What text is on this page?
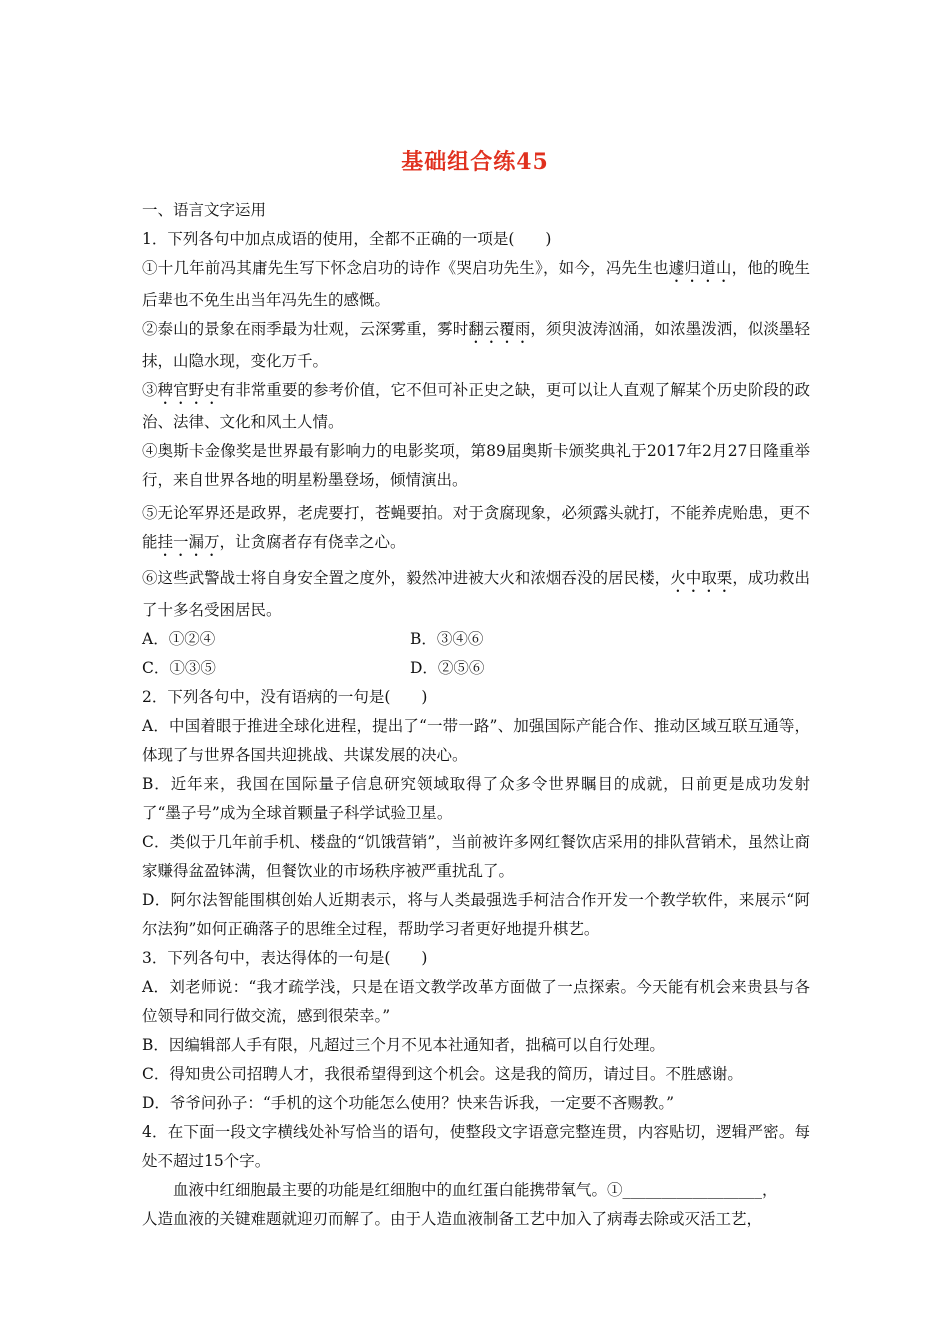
基础组合练45

一、语言文字运用

1．下列各句中加点成语的使用，全都不正确的一项是(　　)

①十几年前冯其庸先生写下怀念启功的诗作《哭启功先生》，如今，冯先生也遽归道山，他的晚生后辈也不免生出当年冯先生的感慨。

②泰山的景象在雨季最为壮观，云深雾重，雾时翻云覆雨，须臾波涛汹涌，如浓墨泼洒，似淡墨轻抹，山隐水现，变化万千。

③稗官野史有非常重要的参考价值，它不但可补正史之缺，更可以让人直观了解某个历史阶段的政治、法律、文化和风土人情。

④奥斯卡金像奖是世界最有影响力的电影奖项，第89届奥斯卡颁奖典礼于2017年2月27日隆重举行，来自世界各地的明星粉墨登场，倾情演出。

⑤无论军界还是政界，老虎要打，苍蝇要拍。对于贪腐现象，必须露头就打，不能养虎贻患，更不能挂一漏万，让贪腐者存有侥幸之心。

⑥这些武警战士将自身安全置之度外，毅然冲进被大火和浓烟吞没的居民楼，火中取栗，成功救出了十多名受困居民。

A．①②④	B．③④⑥
C．①③⑤	D．②⑤⑥

2．下列各句中，没有语病的一句是(　　)

A．中国着眼于推进全球化进程，提出了“一带一路”、加强国际产能合作、推动区域互联互通等，体现了与世界各国共迎挑战、共谋发展的决心。

B．近年来，我国在国际量子信息研究领域取得了众多令世界瞩目的成就，日前更是成功发射了“墨子号”成为全球首颗量子科学试验卫星。

C．类似于几年前手机、楼盘的“饥饿营销”，当前被许多网红餐饮店采用的排队营销术，虽然让商家赚得盆盈钵满，但餐饮业的市场秩序被严重扰乱了。

D．阿尔法智能围棋创始人近期表示，将与人类最强选手柯洁合作开发一个教学软件，来展示“阿尔法狗”如何正确落子的思维全过程，帮助学习者更好地提升棋艺。

3．下列各句中，表达得体的一句是(　　)

A．刘老师说：“我才疏学浅，只是在语文教学改革方面做了一点探索。今天能有机会来贵县与各位领导和同行做交流，感到很荣幸。”

B．因编辑部人手有限，凡超过三个月不见本社通知者，拙稿可以自行处理。

C．得知贵公司招聘人才，我很希望得到这个机会。这是我的简历，请过目。不胜感谢。

D．爷爷问孙子：“手机的这个功能怎么使用？快来告诉我，一定要不吝赐教。”

4．在下面一段文字横线处补写恰当的语句，使整段文字语意完整连贯，内容贴切，逻辑严密。每处不超过15个字。

血液中红细胞最主要的功能是红细胞中的血红蛋白能携带氧气。①__________________，

人造血液的关键难题就迎刃而解了。由于人造血液制备工艺中加入了病毒去除或灭活工艺，
